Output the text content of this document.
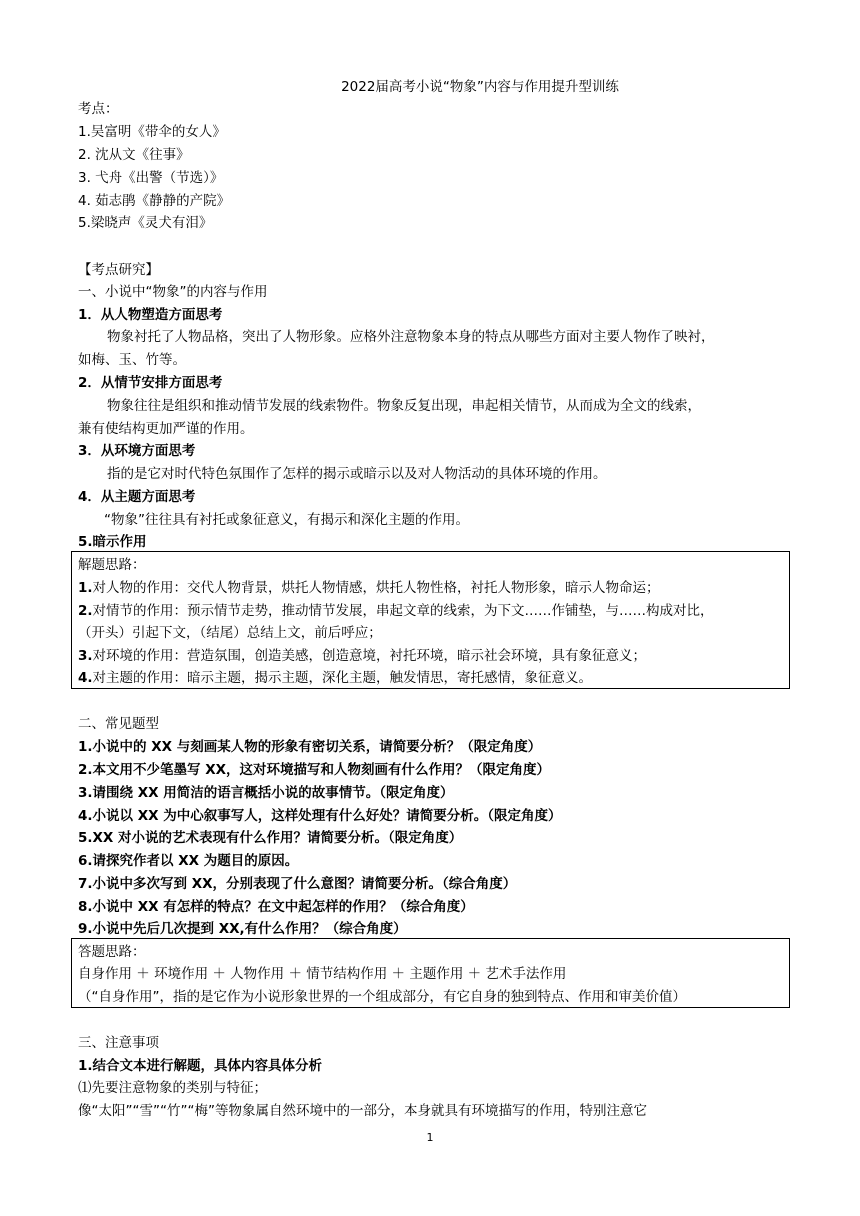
2022届高考小说“物象”内容与作用提升型训练
考点：
1.吴富明《带伞的女人》
2. 沈从文《往事》
3. 弋舟《出警（节选）》
4. 茹志鹃《静静的产院》
5.梁晓声《灵犬有泪》
【考点研究】
一、小说中“物象”的内容与作用
1．从人物塑造方面思考
物象衬托了人物品格，突出了人物形象。应格外注意物象本身的特点从哪些方面对主要人物作了映衬，
如梅、玉、竹等。
2．从情节安排方面思考
物象往往是组织和推动情节发展的线索物件。物象反复出现，串起相关情节，从而成为全文的线索，
兼有使结构更加严谨的作用。
3．从环境方面思考
指的是它对时代特色氛围作了怎样的揭示或暗示以及对人物活动的具体环境的作用。
4．从主题方面思考
“物象”往往具有衬托或象征意义，有揭示和深化主题的作用。
5.暗示作用
解题思路：
1.对人物的作用：交代人物背景，烘托人物情感，烘托人物性格，衬托人物形象，暗示人物命运；
2.对情节的作用：预示情节走势，推动情节发展，串起文章的线索，为下文……作铺垫，与……构成对比，
（开头）引起下文，（结尾）总结上文，前后呼应；
3.对环境的作用：营造氛围，创造美感，创造意境，衬托环境，暗示社会环境，具有象征意义；
4.对主题的作用：暗示主题，揭示主题，深化主题，触发情思，寄托感情，象征意义。
二、常见题型
1.小说中的 XX 与刻画某人物的形象有密切关系，请简要分析？（限定角度）
2.本文用不少笔墨写 XX，这对环境描写和人物刻画有什么作用？（限定角度）
3.请围绕 XX 用简洁的语言概括小说的故事情节。（限定角度）
4.小说以 XX 为中心叙事写人，这样处理有什么好处？请简要分析。（限定角度）
5.XX 对小说的艺术表现有什么作用？请简要分析。（限定角度）
6.请探究作者以 XX 为题目的原因。
7.小说中多次写到 XX，分别表现了什么意图？请简要分析。（综合角度）
8.小说中 XX 有怎样的特点？在文中起怎样的作用？（综合角度）
9.小说中先后几次提到 XX,有什么作用？（综合角度）
答题思路：
自身作用 ＋ 环境作用 ＋ 人物作用 ＋ 情节结构作用 ＋ 主题作用 ＋ 艺术手法作用
（“自身作用”，指的是它作为小说形象世界的一个组成部分，有它自身的独到特点、作用和审美价值）
三、注意事项
1.结合文本进行解题，具体内容具体分析
⑴先要注意物象的类别与特征；
像“太阳”“雪”“竹”“梅”等物象属自然环境中的一部分，本身就具有环境描写的作用，特别注意它
1
